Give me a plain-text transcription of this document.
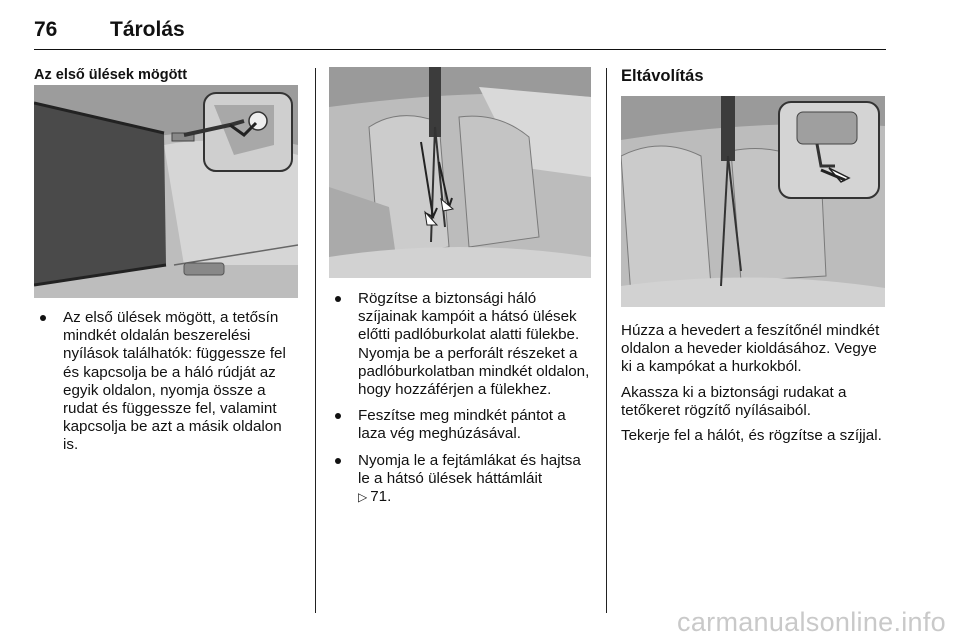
76	Tárolás
Az első ülések mögött
Az első ülések mögött, a tetősín mindkét oldalán beszerelési nyílások találhatók: függessze fel és kapcsolja be a háló rúdját az egyik oldalon, nyomja össze a rudat és függessze fel, valamint kapcsolja be azt a másik oldalon is.
Rögzítse a biztonsági háló szíjainak kampóit a hátsó ülések előtti padlóburkolat alatti fülekbe. Nyomja be a perforált részeket a padlóburkolatban mindkét oldalon, hogy hozzáférjen a fülekhez.
Feszítse meg mindkét pántot a laza vég meghúzásával.
Nyomja le a fejtámlákat és hajtsa le a hátsó ülések háttámláit
▷ 71.
Eltávolítás

Húzza a hevedert a feszítőnél mindkét oldalon a heveder kioldásához. Vegye ki a kampókat a hurkokból.

Akassza ki a biztonsági rudakat a tetőkeret rögzítő nyílásaiból.

Tekerje fel a hálót, és rögzítse a szíjjal.

carmanualsonline.info
